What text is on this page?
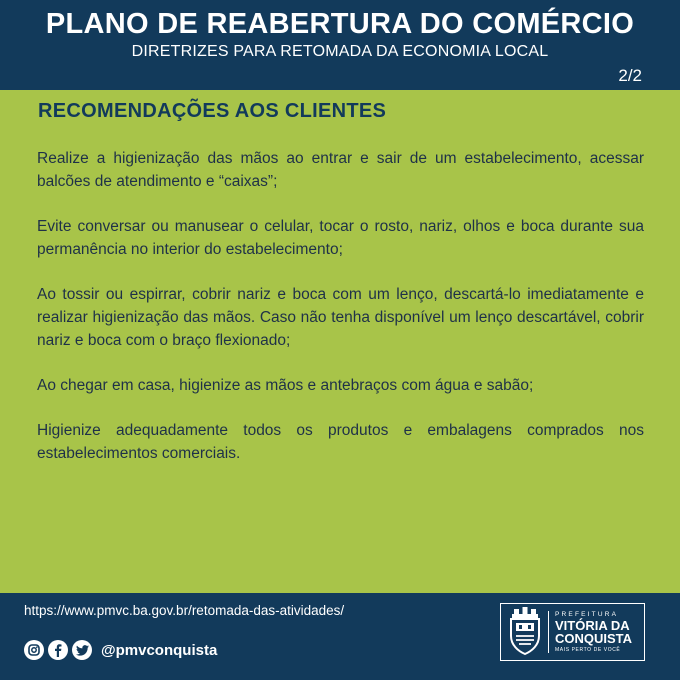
PLANO DE REABERTURA DO COMÉRCIO
DIRETRIZES PARA RETOMADA DA ECONOMIA LOCAL
2/2
RECOMENDAÇÕES AOS CLIENTES

Realize a higienização das mãos ao entrar e sair de um estabelecimento, acessar balcões de atendimento e “caixas”;

Evite conversar ou manusear o celular, tocar o rosto, nariz, olhos e boca durante sua permanência no interior do estabelecimento;

Ao tossir ou espirrar, cobrir nariz e boca com um lenço, descartá-lo imediatamente e realizar higienização das mãos. Caso não tenha disponível um lenço descartável, cobrir nariz e boca com o braço flexionado;

Ao chegar em casa, higienize as mãos e antebraços com água e sabão;

Higienize adequadamente todos os produtos e embalagens comprados nos estabelecimentos comerciais.

https://www.pmvc.ba.gov.br/retomada-das-atividades/
@pmvconquista
PREFEITURA
VITÓRIA DA
CONQUISTA
MAIS PERTO DE VOCÊ
